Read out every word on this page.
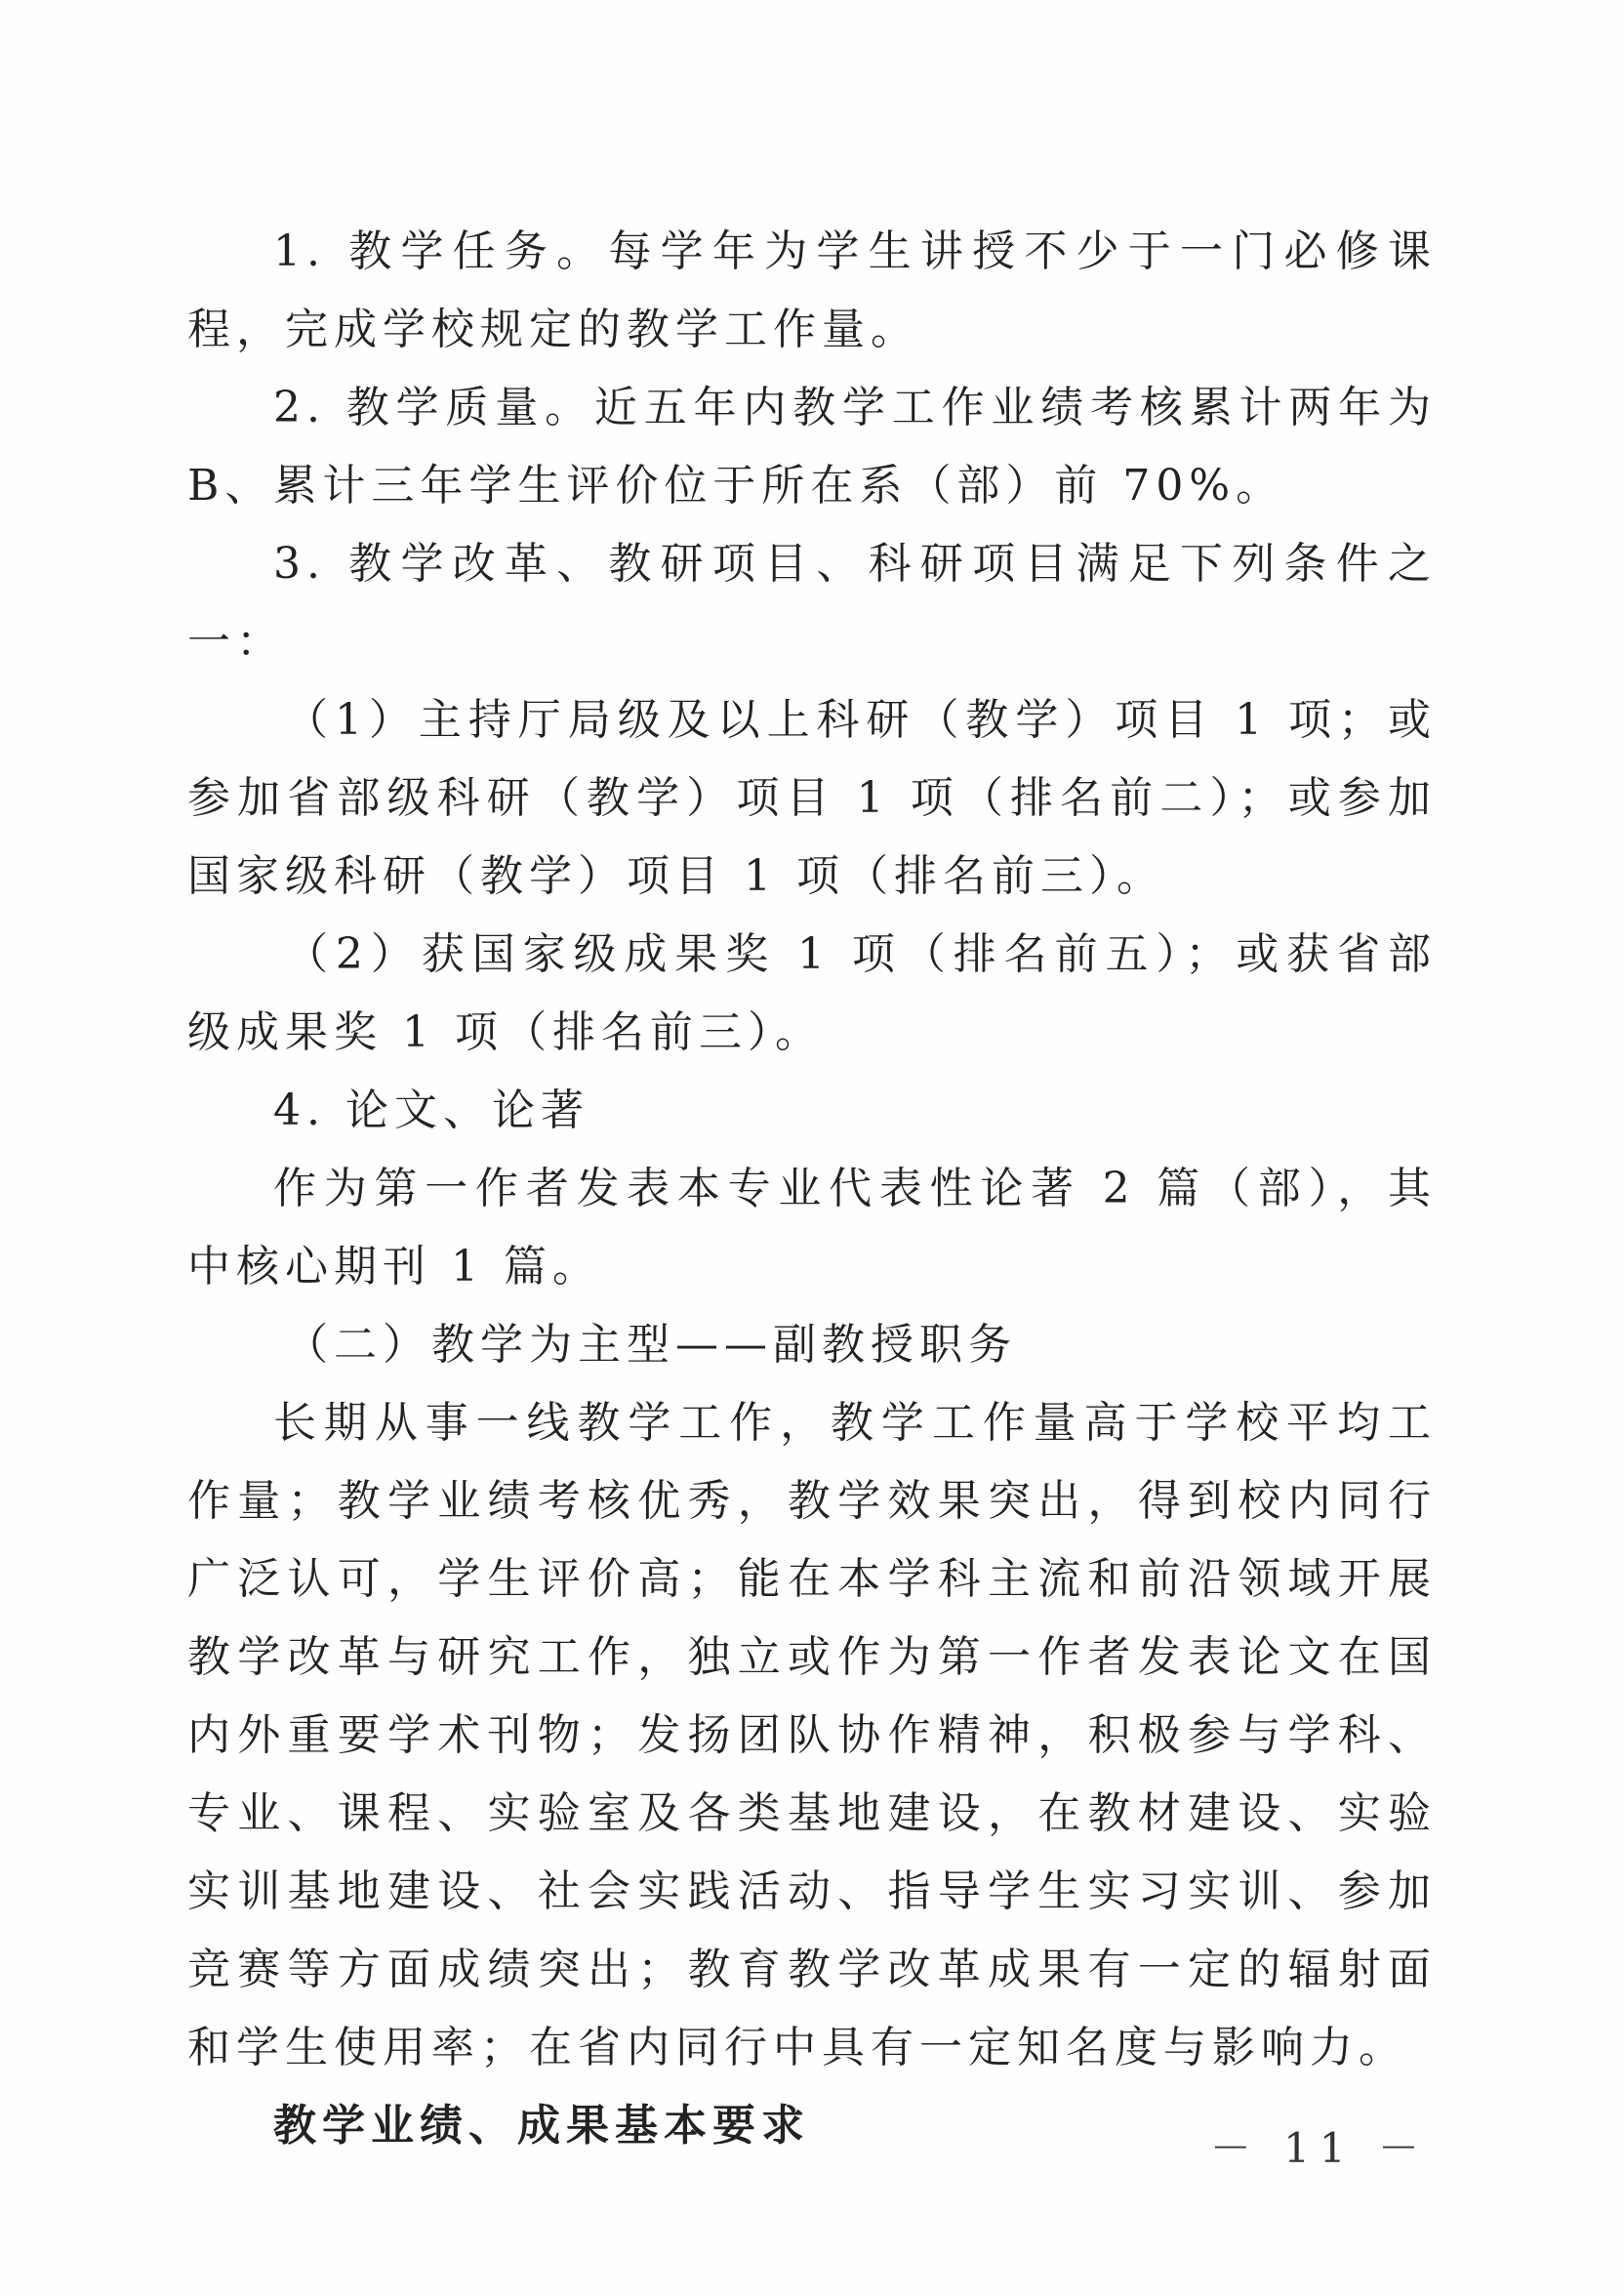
1. 教学任务。每学年为学生讲授不少于一门必修课程，完成学校规定的教学工作量。

2. 教学质量。近五年内教学工作业绩考核累计两年为 B、累计三年学生评价位于所在系（部）前 70%。

3. 教学改革、教研项目、科研项目满足下列条件之一：

（1）主持厅局级及以上科研（教学）项目 1 项；或参加省部级科研（教学）项目 1 项（排名前二）；或参加国家级科研（教学）项目 1 项（排名前三）。

（2）获国家级成果奖 1 项（排名前五）；或获省部级成果奖 1 项（排名前三）。

4. 论文、论著

作为第一作者发表本专业代表性论著 2 篇（部），其中核心期刊 1 篇。

（二）教学为主型——副教授职务

长期从事一线教学工作，教学工作量高于学校平均工作量；教学业绩考核优秀，教学效果突出，得到校内同行广泛认可，学生评价高；能在本学科主流和前沿领域开展教学改革与研究工作，独立或作为第一作者发表论文在国内外重要学术刊物；发扬团队协作精神，积极参与学科、专业、课程、实验室及各类基地建设，在教材建设、实验实训基地建设、社会实践活动、指导学生实习实训、参加竞赛等方面成绩突出；教育教学改革成果有一定的辐射面和学生使用率；在省内同行中具有一定知名度与影响力。

教学业绩、成果基本要求	－ 11 －
